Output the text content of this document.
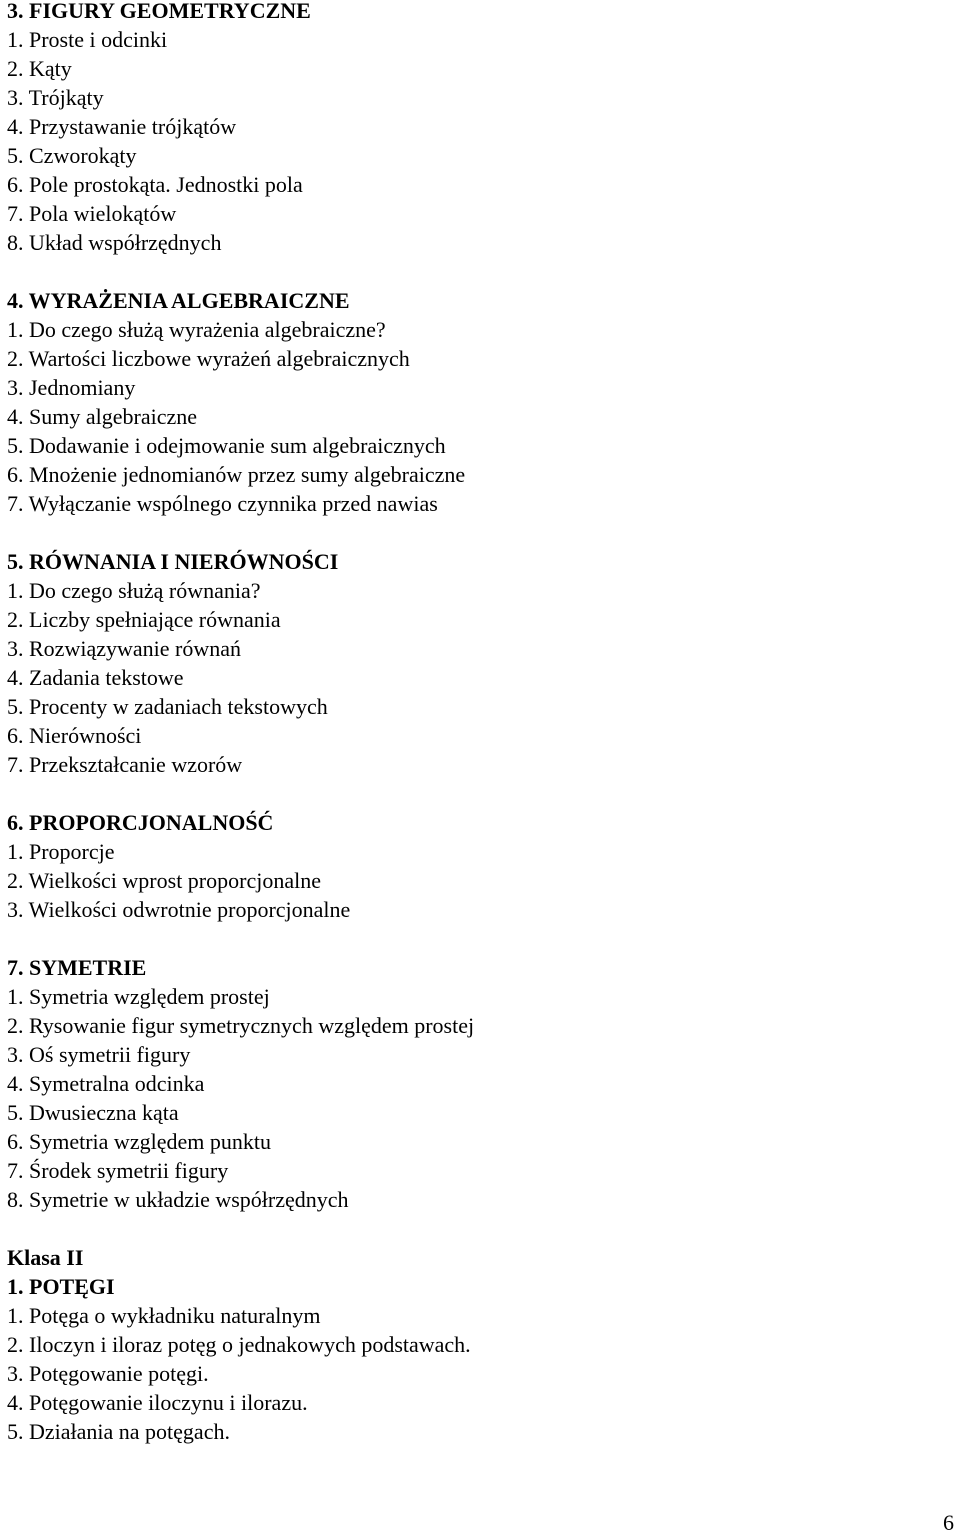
3. FIGURY GEOMETRYCZNE
1. Proste i odcinki
2. Kąty
3. Trójkąty
4. Przystawanie trójkątów
5. Czworokąty
6. Pole prostokąta. Jednostki pola
7. Pola wielokątów
8. Układ współrzędnych
4. WYRAŻENIA ALGEBRAICZNE
1. Do czego służą wyrażenia algebraiczne?
2. Wartości liczbowe wyrażeń algebraicznych
3. Jednomiany
4. Sumy algebraiczne
5. Dodawanie i odejmowanie sum algebraicznych
6. Mnożenie jednomianów przez sumy algebraiczne
7. Wyłączanie wspólnego czynnika przed nawias
5. RÓWNANIA I NIERÓWNOŚCI
1. Do czego służą równania?
2. Liczby spełniające równania
3. Rozwiązywanie równań
4. Zadania tekstowe
5. Procenty w zadaniach tekstowych
6. Nierówności
7. Przekształcanie wzorów
6. PROPORCJONALNOŚĆ
1. Proporcje
2. Wielkości wprost proporcjonalne
3. Wielkości odwrotnie proporcjonalne
7. SYMETRIE
1. Symetria względem prostej
2. Rysowanie figur symetrycznych względem prostej
3. Oś symetrii figury
4. Symetralna odcinka
5. Dwusieczna kąta
6. Symetria względem punktu
7. Środek symetrii figury
8. Symetrie w układzie współrzędnych
Klasa II
1. POTĘGI
1. Potęga o wykładniku naturalnym
2. Iloczyn i iloraz potęg o jednakowych podstawach.
3. Potęgowanie potęgi.
4. Potęgowanie iloczynu i ilorazu.
5. Działania na potęgach.
6
